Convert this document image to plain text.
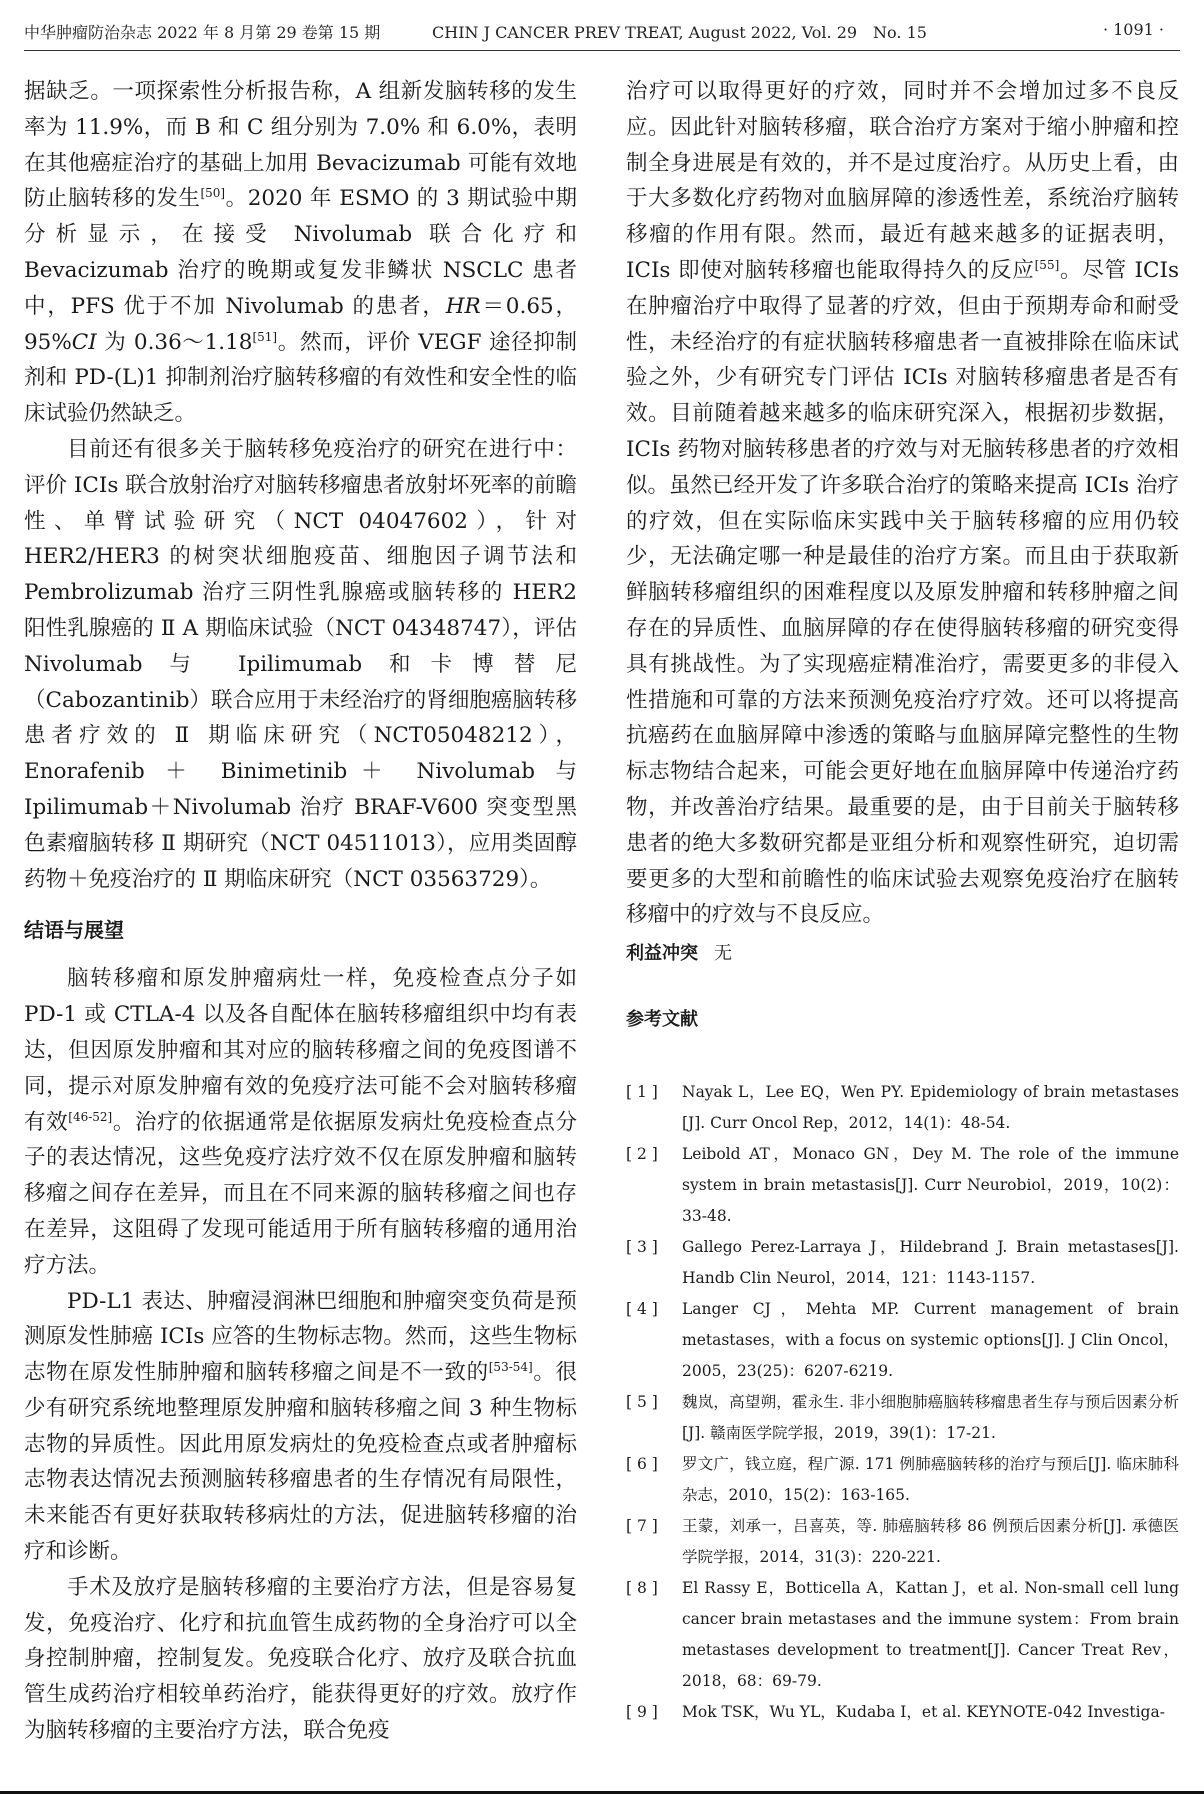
中华肿瘤防治杂志 2022 年 8 月第 29 卷第 15 期	CHIN J CANCER PREV TREAT, August 2022, Vol. 29　No. 15	· 1091 ·

据缺乏。一项探索性分析报告称，A 组新发脑转移的发生率为 11.9%，而 B 和 C 组分别为 7.0% 和 6.0%，表明在其他癌症治疗的基础上加用 Bevacizumab 可能有效地防止脑转移的发生[50]。2020 年 ESMO 的 3 期试验中期分析显示，在接受 Nivolumab 联合化疗和 Bevacizumab 治疗的晚期或复发非鳞状 NSCLC 患者中，PFS 优于不加 Nivolumab 的患者，HR＝0.65，95%CI 为 0.36～1.18[51]。然而，评价 VEGF 途径抑制剂和 PD-(L)1 抑制剂治疗脑转移瘤的有效性和安全性的临床试验仍然缺乏。

目前还有很多关于脑转移免疫治疗的研究在进行中：评价 ICIs 联合放射治疗对脑转移瘤患者放射坏死率的前瞻性、单臂试验研究（NCT 04047602），针对 HER2/HER3 的树突状细胞疫苗、细胞因子调节法和 Pembrolizumab 治疗三阴性乳腺癌或脑转移的 HER2 阳性乳腺癌的 Ⅱ A 期临床试验（NCT 04348747），评估 Nivolumab 与 Ipilimumab 和卡博替尼（Cabozantinib）联合应用于未经治疗的肾细胞癌脑转移患者疗效的 Ⅱ 期临床研究（NCT05048212），Enorafenib ＋ Binimetinib＋ Nivolumab 与 Ipilimumab＋Nivolumab 治疗 BRAF-V600 突变型黑色素瘤脑转移 Ⅱ 期研究（NCT 04511013），应用类固醇药物＋免疫治疗的 Ⅱ 期临床研究（NCT 03563729）。

结语与展望

脑转移瘤和原发肿瘤病灶一样，免疫检查点分子如 PD-1 或 CTLA-4 以及各自配体在脑转移瘤组织中均有表达，但因原发肿瘤和其对应的脑转移瘤之间的免疫图谱不同，提示对原发肿瘤有效的免疫疗法可能不会对脑转移瘤有效[46-52]。治疗的依据通常是依据原发病灶免疫检查点分子的表达情况，这些免疫疗法疗效不仅在原发肿瘤和脑转移瘤之间存在差异，而且在不同来源的脑转移瘤之间也存在差异，这阻碍了发现可能适用于所有脑转移瘤的通用治疗方法。

PD-L1 表达、肿瘤浸润淋巴细胞和肿瘤突变负荷是预测原发性肺癌 ICIs 应答的生物标志物。然而，这些生物标志物在原发性肺肿瘤和脑转移瘤之间是不一致的[53-54]。很少有研究系统地整理原发肿瘤和脑转移瘤之间 3 种生物标志物的异质性。因此用原发病灶的免疫检查点或者肿瘤标志物表达情况去预测脑转移瘤患者的生存情况有局限性，未来能否有更好获取转移病灶的方法，促进脑转移瘤的治疗和诊断。

手术及放疗是脑转移瘤的主要治疗方法，但是容易复发，免疫治疗、化疗和抗血管生成药物的全身治疗可以全身控制肿瘤，控制复发。免疫联合化疗、放疗及联合抗血管生成药治疗相较单药治疗，能获得更好的疗效。放疗作为脑转移瘤的主要治疗方法，联合免疫

治疗可以取得更好的疗效，同时并不会增加过多不良反应。因此针对脑转移瘤，联合治疗方案对于缩小肿瘤和控制全身进展是有效的，并不是过度治疗。从历史上看，由于大多数化疗药物对血脑屏障的渗透性差，系统治疗脑转移瘤的作用有限。然而，最近有越来越多的证据表明，ICIs 即使对脑转移瘤也能取得持久的反应[55]。尽管 ICIs 在肿瘤治疗中取得了显著的疗效，但由于预期寿命和耐受性，未经治疗的有症状脑转移瘤患者一直被排除在临床试验之外，少有研究专门评估 ICIs 对脑转移瘤患者是否有效。目前随着越来越多的临床研究深入，根据初步数据，ICIs 药物对脑转移患者的疗效与对无脑转移患者的疗效相似。虽然已经开发了许多联合治疗的策略来提高 ICIs 治疗的疗效，但在实际临床实践中关于脑转移瘤的应用仍较少，无法确定哪一种是最佳的治疗方案。而且由于获取新鲜脑转移瘤组织的困难程度以及原发肿瘤和转移肿瘤之间存在的异质性、血脑屏障的存在使得脑转移瘤的研究变得具有挑战性。为了实现癌症精准治疗，需要更多的非侵入性措施和可靠的方法来预测免疫治疗疗效。还可以将提高抗癌药在血脑屏障中渗透的策略与血脑屏障完整性的生物标志物结合起来，可能会更好地在血脑屏障中传递治疗药物，并改善治疗结果。最重要的是，由于目前关于脑转移患者的绝大多数研究都是亚组分析和观察性研究，迫切需要更多的大型和前瞻性的临床试验去观察免疫治疗在脑转移瘤中的疗效与不良反应。

利益冲突 无
参考文献
[ 1 ] Nayak L，Lee EQ，Wen PY. Epidemiology of brain metastases [J]. Curr Oncol Rep，2012，14(1)：48-54.
[ 2 ] Leibold AT，Monaco GN，Dey M. The role of the immune system in brain metastasis[J]. Curr Neurobiol，2019，10(2)：33-48.
[ 3 ] Gallego Perez-Larraya J，Hildebrand J. Brain metastases[J]. Handb Clin Neurol，2014，121：1143-1157.
[ 4 ] Langer CJ，Mehta MP. Current management of brain metastases，with a focus on systemic options[J]. J Clin Oncol，2005，23(25)：6207-6219.
[ 5 ] 魏岚，高望朔，霍永生. 非小细胞肺癌脑转移瘤患者生存与预后因素分析[J]. 赣南医学院学报，2019，39(1)：17-21.
[ 6 ] 罗文广，钱立庭，程广源. 171 例肺癌脑转移的治疗与预后[J]. 临床肺科杂志，2010，15(2)：163-165.
[ 7 ] 王蒙，刘承一，吕喜英，等. 肺癌脑转移 86 例预后因素分析[J]. 承德医学院学报，2014，31(3)：220-221.
[ 8 ] El Rassy E，Botticella A，Kattan J，et al. Non-small cell lung cancer brain metastases and the immune system：From brain metastases development to treatment[J]. Cancer Treat Rev，2018，68：69-79.
[ 9 ] Mok TSK，Wu YL，Kudaba I，et al. KEYNOTE-042 Investiga-
